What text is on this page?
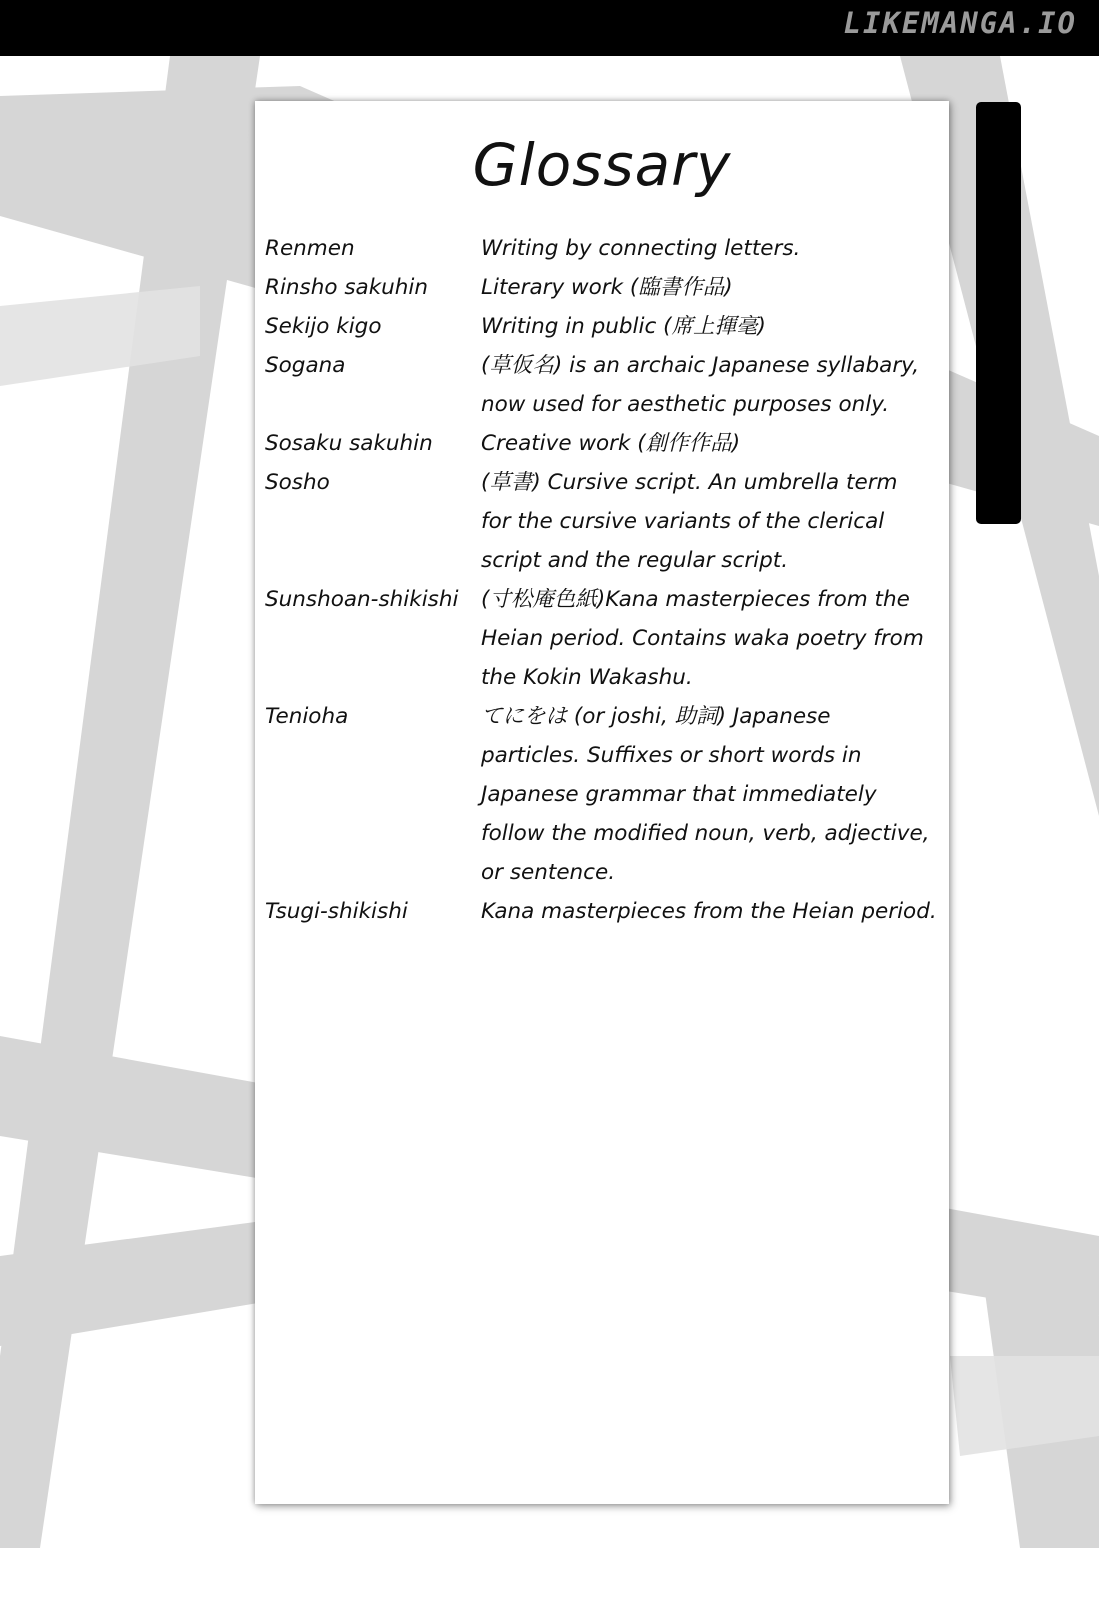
LIKEMANGA.IO
Glossary
Renmen	Writing by connecting letters.
Rinsho sakuhin	Literary work (臨書作品)
Sekijo kigo	Writing in public (席上揮毫)
Sogana	(草仮名) is an archaic Japanese syllabary,
now used for aesthetic purposes only.
Sosaku sakuhin	Creative work (創作作品)
Sosho	(草書) Cursive script. An umbrella term
for the cursive variants of the clerical
script and the regular script.
Sunshoan-shikishi	(寸松庵色紙)Kana masterpieces from the
Heian period. Contains waka poetry from
the Kokin Wakashu.
Tenioha	てにをは (or joshi, 助詞) Japanese
particles. Suffixes or short words in
Japanese grammar that immediately
follow the modified noun, verb, adjective,
or sentence.
Tsugi-shikishi	Kana masterpieces from the Heian period.
